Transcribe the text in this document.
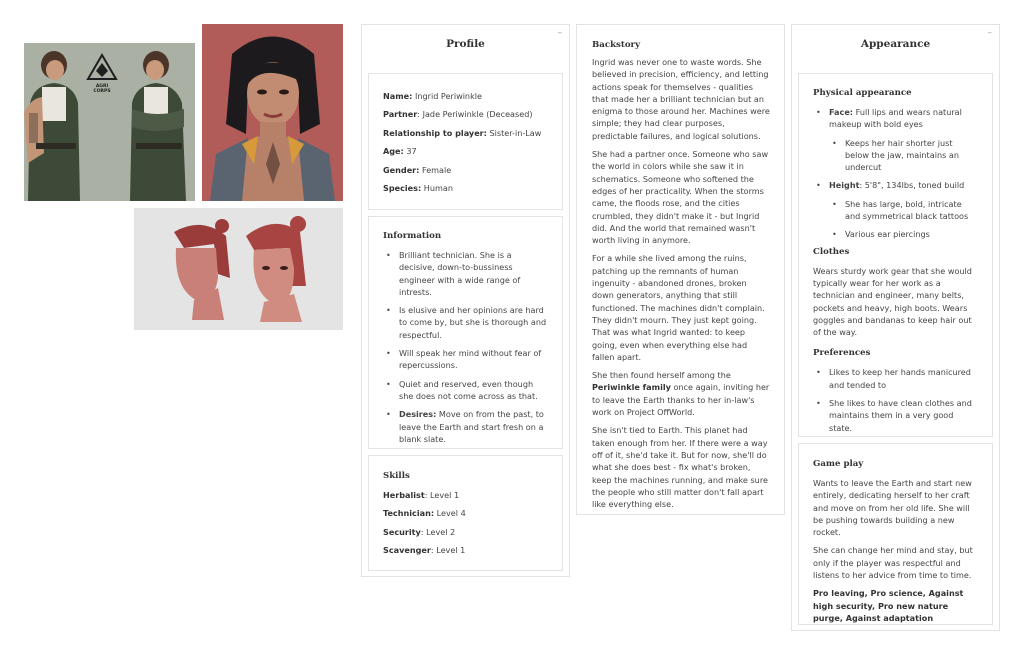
AGRI
CORPS
–
Profile
Name: Ingrid Periwinkle
Partner: Jade Periwinkle (Deceased)
Relationship to player: Sister-in-Law
Age: 37
Gender: Female
Species: Human
Information
• Brilliant technician. She is a decisive, down-to-bussiness engineer with a wide range of intrests.
• Is elusive and her opinions are hard to come by, but she is thorough and respectful.
• Will speak her mind without fear of repercussions.
• Quiet and reserved, even though she does not come across as that.
• Desires: Move on from the past, to leave the Earth and start fresh on a blank slate.
Skills
Herbalist: Level 1
Technician: Level 4
Security: Level 2
Scavenger: Level 1
Backstory

Ingrid was never one to waste words. She believed in precision, efficiency, and letting actions speak for themselves - qualities that made her a brilliant technician but an enigma to those around her. Machines were simple; they had clear purposes, predictable failures, and logical solutions.

She had a partner once. Someone who saw the world in colors while she saw it in schematics. Someone who softened the edges of her practicality. When the storms came, the floods rose, and the cities crumbled, they didn't make it - but Ingrid did. And the world that remained wasn't worth living in anymore.

For a while she lived among the ruins, patching up the remnants of human ingenuity - abandoned drones, broken down generators, anything that still functioned. The machines didn't complain. They didn't mourn. They just kept going. That was what Ingrid wanted: to keep going, even when everything else had fallen apart.

She then found herself among the Periwinkle family once again, inviting her to leave the Earth thanks to her in-law's work on Project OffWorld.

She isn't tied to Earth. This planet had taken enough from her. If there were a way off of it, she'd take it. But for now, she'll do what she does best - fix what's broken, keep the machines running, and make sure the people who still matter don't fall apart like everything else.

–
Appearance
Physical appearance
• Face: Full lips and wears natural makeup with bold eyes
• Keeps her hair shorter just below the jaw, maintains an undercut
• Height: 5'8", 134lbs, toned build
• She has large, bold, intricate and symmetrical black tattoos
• Various ear piercings
Clothes

Wears sturdy work gear that she would typically wear for her work as a technician and engineer, many belts, pockets and heavy, high boots. Wears goggles and bandanas to keep hair out of the way.

Preferences
• Likes to keep her hands manicured and tended to
• She likes to have clean clothes and maintains them in a very good state.
Game play

Wants to leave the Earth and start new entirely, dedicating herself to her craft and move on from her old life. She will be pushing towards building a new rocket.

She can change her mind and stay, but only if the player was respectful and listens to her advice from time to time.

Pro leaving, Pro science, Against high security, Pro new nature purge, Against adaptation
